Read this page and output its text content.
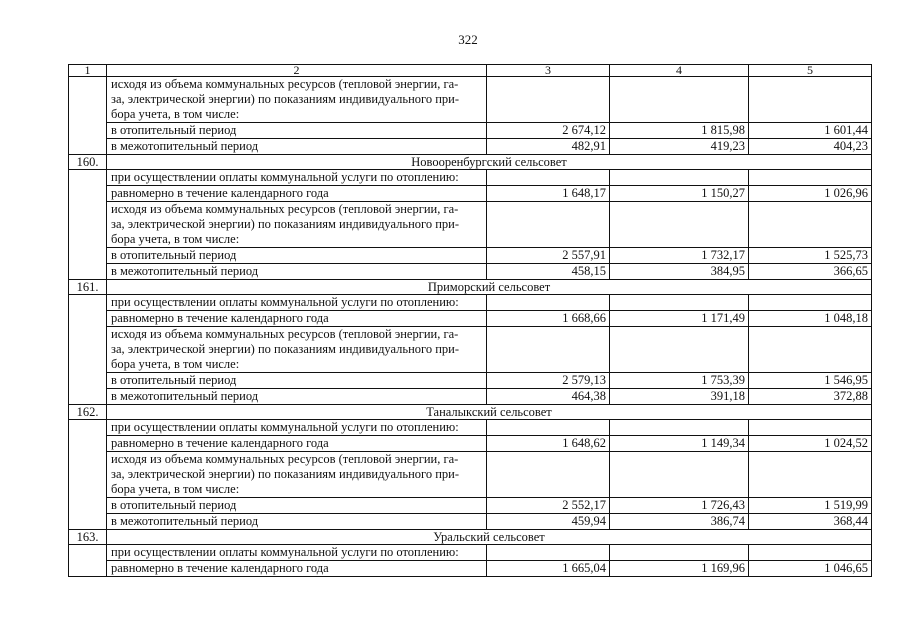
322
1	2	3	4	5

	исходя из объема коммунальных ресурсов (тепловой энергии, га-
за, электрической энергии) по показаниям индивидуального при-
бора учета, в том числе:			

	в отопительный период	2 674,12	1 815,98	1 601,44

	в межотопительный период	482,91	419,23	404,23
160.	Новооренбургский сельсовет			

	при осуществлении оплаты коммунальной услуги по отоплению:			

	равномерно в течение календарного года	1 648,17	1 150,27	1 026,96

	исходя из объема коммунальных ресурсов (тепловой энергии, га-
за, электрической энергии) по показаниям индивидуального при-
бора учета, в том числе:			

	в отопительный период	2 557,91	1 732,17	1 525,73

	в межотопительный период	458,15	384,95	366,65
161.	Приморский сельсовет			

	при осуществлении оплаты коммунальной услуги по отоплению:			

	равномерно в течение календарного года	1 668,66	1 171,49	1 048,18

	исходя из объема коммунальных ресурсов (тепловой энергии, га-
за, электрической энергии) по показаниям индивидуального при-
бора учета, в том числе:			

	в отопительный период	2 579,13	1 753,39	1 546,95

	в межотопительный период	464,38	391,18	372,88
162.	Таналыкский сельсовет			

	при осуществлении оплаты коммунальной услуги по отоплению:			

	равномерно в течение календарного года	1 648,62	1 149,34	1 024,52

	исходя из объема коммунальных ресурсов (тепловой энергии, га-
за, электрической энергии) по показаниям индивидуального при-
бора учета, в том числе:			

	в отопительный период	2 552,17	1 726,43	1 519,99

	в межотопительный период	459,94	386,74	368,44
163.	Уральский сельсовет			

	при осуществлении оплаты коммунальной услуги по отоплению:			

	равномерно в течение календарного года	1 665,04	1 169,96	1 046,65
